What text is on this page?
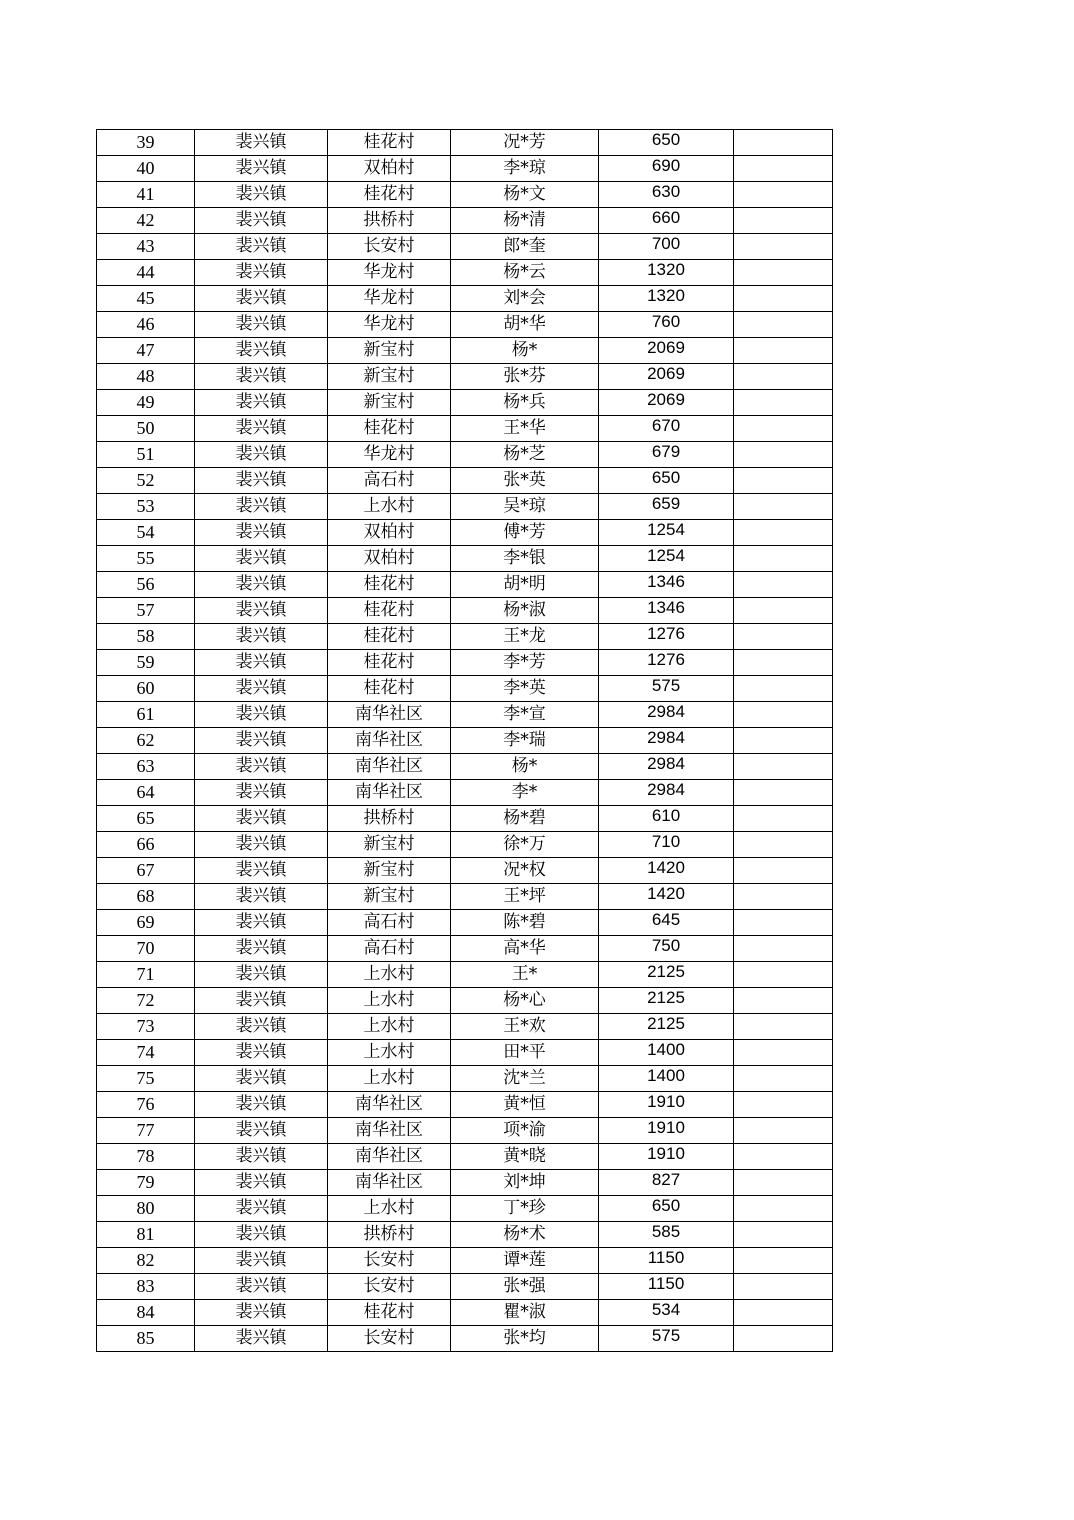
39	裴兴镇	桂花村	况*芳	650	
40	裴兴镇	双柏村	李*琼	690	
41	裴兴镇	桂花村	杨*文	630	
42	裴兴镇	拱桥村	杨*清	660	
43	裴兴镇	长安村	郎*奎	700	
44	裴兴镇	华龙村	杨*云	1320	
45	裴兴镇	华龙村	刘*会	1320	
46	裴兴镇	华龙村	胡*华	760	
47	裴兴镇	新宝村	杨*	2069	
48	裴兴镇	新宝村	张*芬	2069	
49	裴兴镇	新宝村	杨*兵	2069	
50	裴兴镇	桂花村	王*华	670	
51	裴兴镇	华龙村	杨*芝	679	
52	裴兴镇	高石村	张*英	650	
53	裴兴镇	上水村	吴*琼	659	
54	裴兴镇	双柏村	傅*芳	1254	
55	裴兴镇	双柏村	李*银	1254	
56	裴兴镇	桂花村	胡*明	1346	
57	裴兴镇	桂花村	杨*淑	1346	
58	裴兴镇	桂花村	王*龙	1276	
59	裴兴镇	桂花村	李*芳	1276	
60	裴兴镇	桂花村	李*英	575	
61	裴兴镇	南华社区	李*宣	2984	
62	裴兴镇	南华社区	李*瑞	2984	
63	裴兴镇	南华社区	杨*	2984	
64	裴兴镇	南华社区	李*	2984	
65	裴兴镇	拱桥村	杨*碧	610	
66	裴兴镇	新宝村	徐*万	710	
67	裴兴镇	新宝村	况*权	1420	
68	裴兴镇	新宝村	王*坪	1420	
69	裴兴镇	高石村	陈*碧	645	
70	裴兴镇	高石村	高*华	750	
71	裴兴镇	上水村	王*	2125	
72	裴兴镇	上水村	杨*心	2125	
73	裴兴镇	上水村	王*欢	2125	
74	裴兴镇	上水村	田*平	1400	
75	裴兴镇	上水村	沈*兰	1400	
76	裴兴镇	南华社区	黄*恒	1910	
77	裴兴镇	南华社区	项*渝	1910	
78	裴兴镇	南华社区	黄*晓	1910	
79	裴兴镇	南华社区	刘*坤	827	
80	裴兴镇	上水村	丁*珍	650	
81	裴兴镇	拱桥村	杨*术	585	
82	裴兴镇	长安村	谭*莲	1150	
83	裴兴镇	长安村	张*强	1150	
84	裴兴镇	桂花村	瞿*淑	534	
85	裴兴镇	长安村	张*均	575	
